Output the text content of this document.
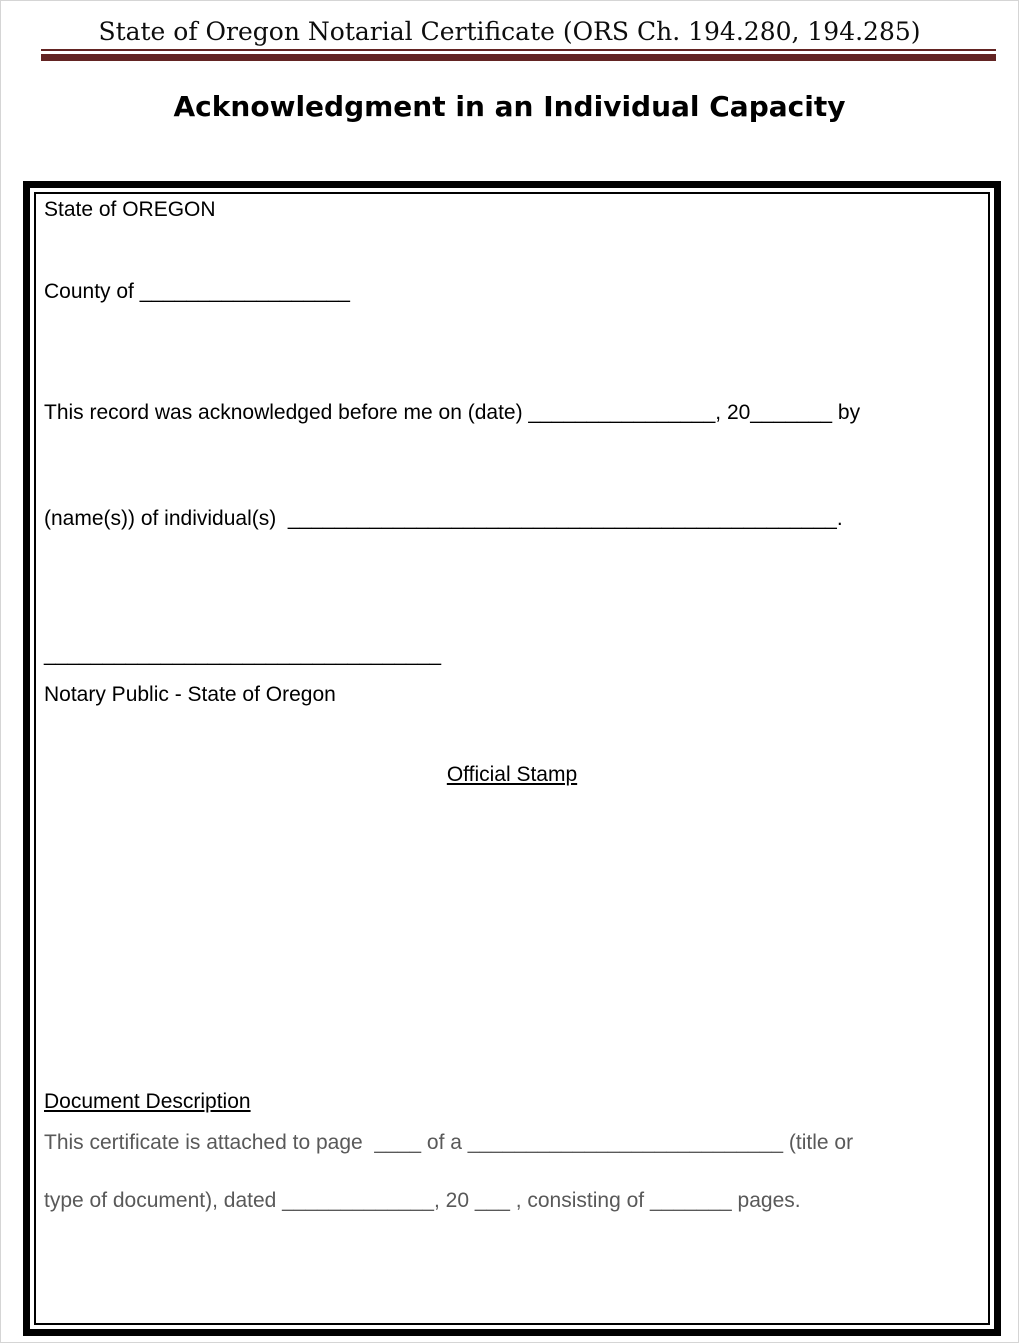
State of Oregon Notarial Certificate (ORS Ch. 194.280, 194.285)
Acknowledgment in an Individual Capacity
State of OREGON
County of __________________
This record was acknowledged before me on (date) ________________, 20_______ by
(name(s)) of individual(s)  _______________________________________________.
__________________________________
Notary Public - State of Oregon
Official Stamp
Document Description
This certificate is attached to page  ____ of a ___________________________ (title or
type of document), dated _____________, 20 ___ , consisting of _______ pages.
